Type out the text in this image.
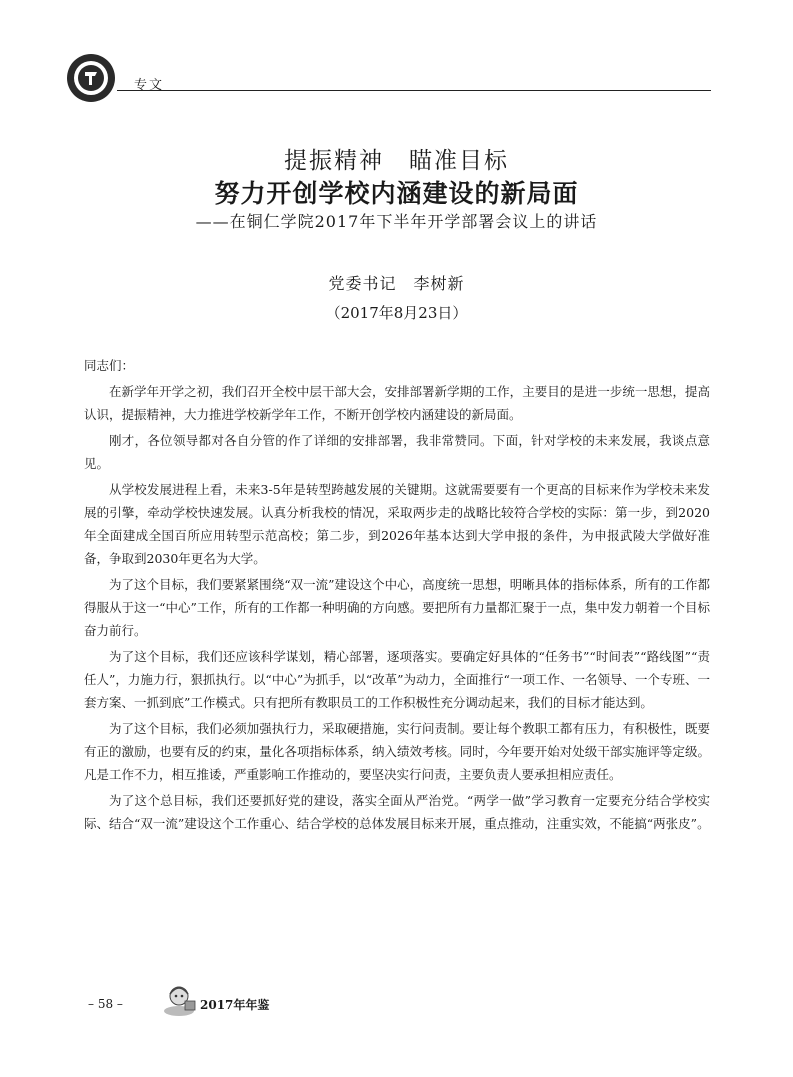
专文
提振精神　瞄准目标
努力开创学校内涵建设的新局面
——在铜仁学院2017年下半年开学部署会议上的讲话
党委书记　李树新
（2017年8月23日）

同志们：

在新学年开学之初，我们召开全校中层干部大会，安排部署新学期的工作，主要目的是进一步统一思想，提高认识，提振精神，大力推进学校新学年工作，不断开创学校内涵建设的新局面。

刚才，各位领导都对各自分管的作了详细的安排部署，我非常赞同。下面，针对学校的未来发展，我谈点意见。

从学校发展进程上看，未来3-5年是转型跨越发展的关键期。这就需要要有一个更高的目标来作为学校未来发展的引擎，牵动学校快速发展。认真分析我校的情况，采取两步走的战略比较符合学校的实际：第一步，到2020年全面建成全国百所应用转型示范高校；第二步，到2026年基本达到大学申报的条件，为申报武陵大学做好准备，争取到2030年更名为大学。

为了这个目标，我们要紧紧围绕“双一流”建设这个中心，高度统一思想，明晰具体的指标体系，所有的工作都得服从于这一“中心”工作，所有的工作都一种明确的方向感。要把所有力量都汇聚于一点，集中发力朝着一个目标奋力前行。

为了这个目标，我们还应该科学谋划，精心部署，逐项落实。要确定好具体的“任务书”“时间表”“路线图”“责任人”，力施力行，狠抓执行。以“中心”为抓手，以“改革”为动力，全面推行“一项工作、一名领导、一个专班、一套方案、一抓到底”工作模式。只有把所有教职员工的工作积极性充分调动起来，我们的目标才能达到。

为了这个目标，我们必须加强执行力，采取硬措施，实行问责制。要让每个教职工都有压力，有积极性，既要有正的激励，也要有反的约束，量化各项指标体系，纳入绩效考核。同时，今年要开始对处级干部实施评等定级。凡是工作不力，相互推诿，严重影响工作推动的，要坚决实行问责，主要负责人要承担相应责任。

为了这个总目标，我们还要抓好党的建设，落实全面从严治党。“两学一做”学习教育一定要充分结合学校实际、结合“双一流”建设这个工作重心、结合学校的总体发展目标来开展，重点推动，注重实效，不能搞“两张皮”。

– 58 –	2017年年鉴
